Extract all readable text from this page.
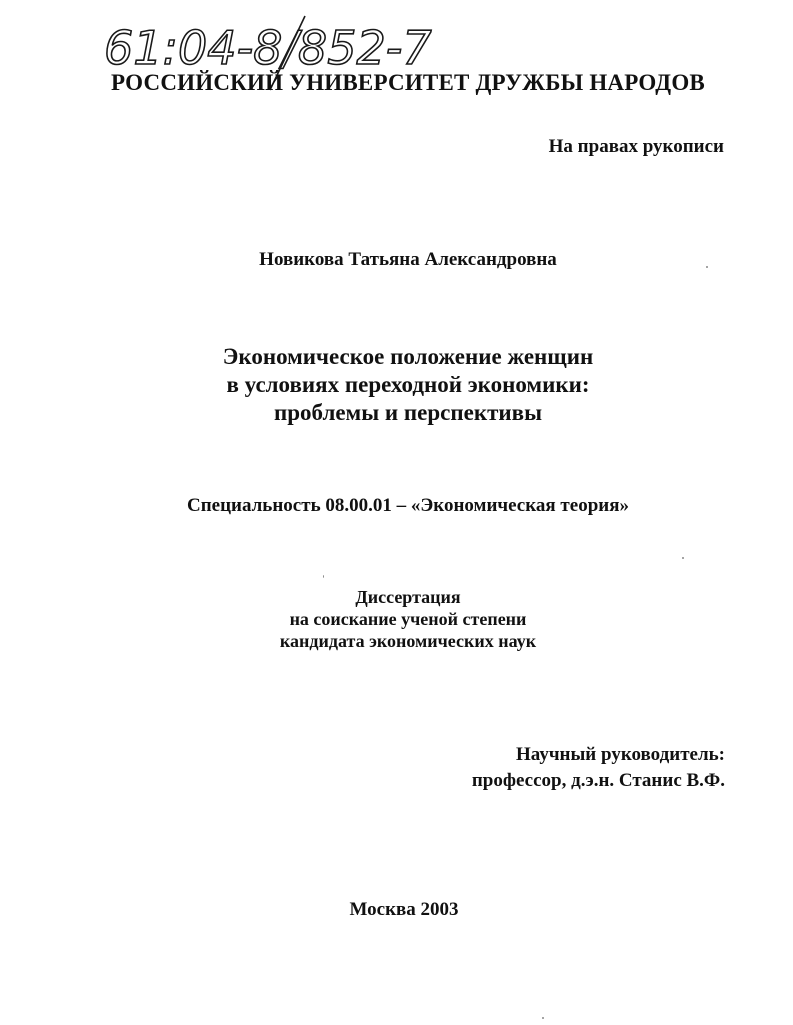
61:04-8/852-7
РОССИЙСКИЙ УНИВЕРСИТЕТ ДРУЖБЫ НАРОДОВ
На правах рукописи
Новикова Татьяна Александровна
Экономическое положение женщин
в условиях переходной экономики:
проблемы и перспективы
Специальность 08.00.01 – «Экономическая теория»
Диссертация
на соискание ученой степени
кандидата экономических наук
Научный руководитель:
профессор, д.э.н. Станис В.Ф.
Москва 2003
